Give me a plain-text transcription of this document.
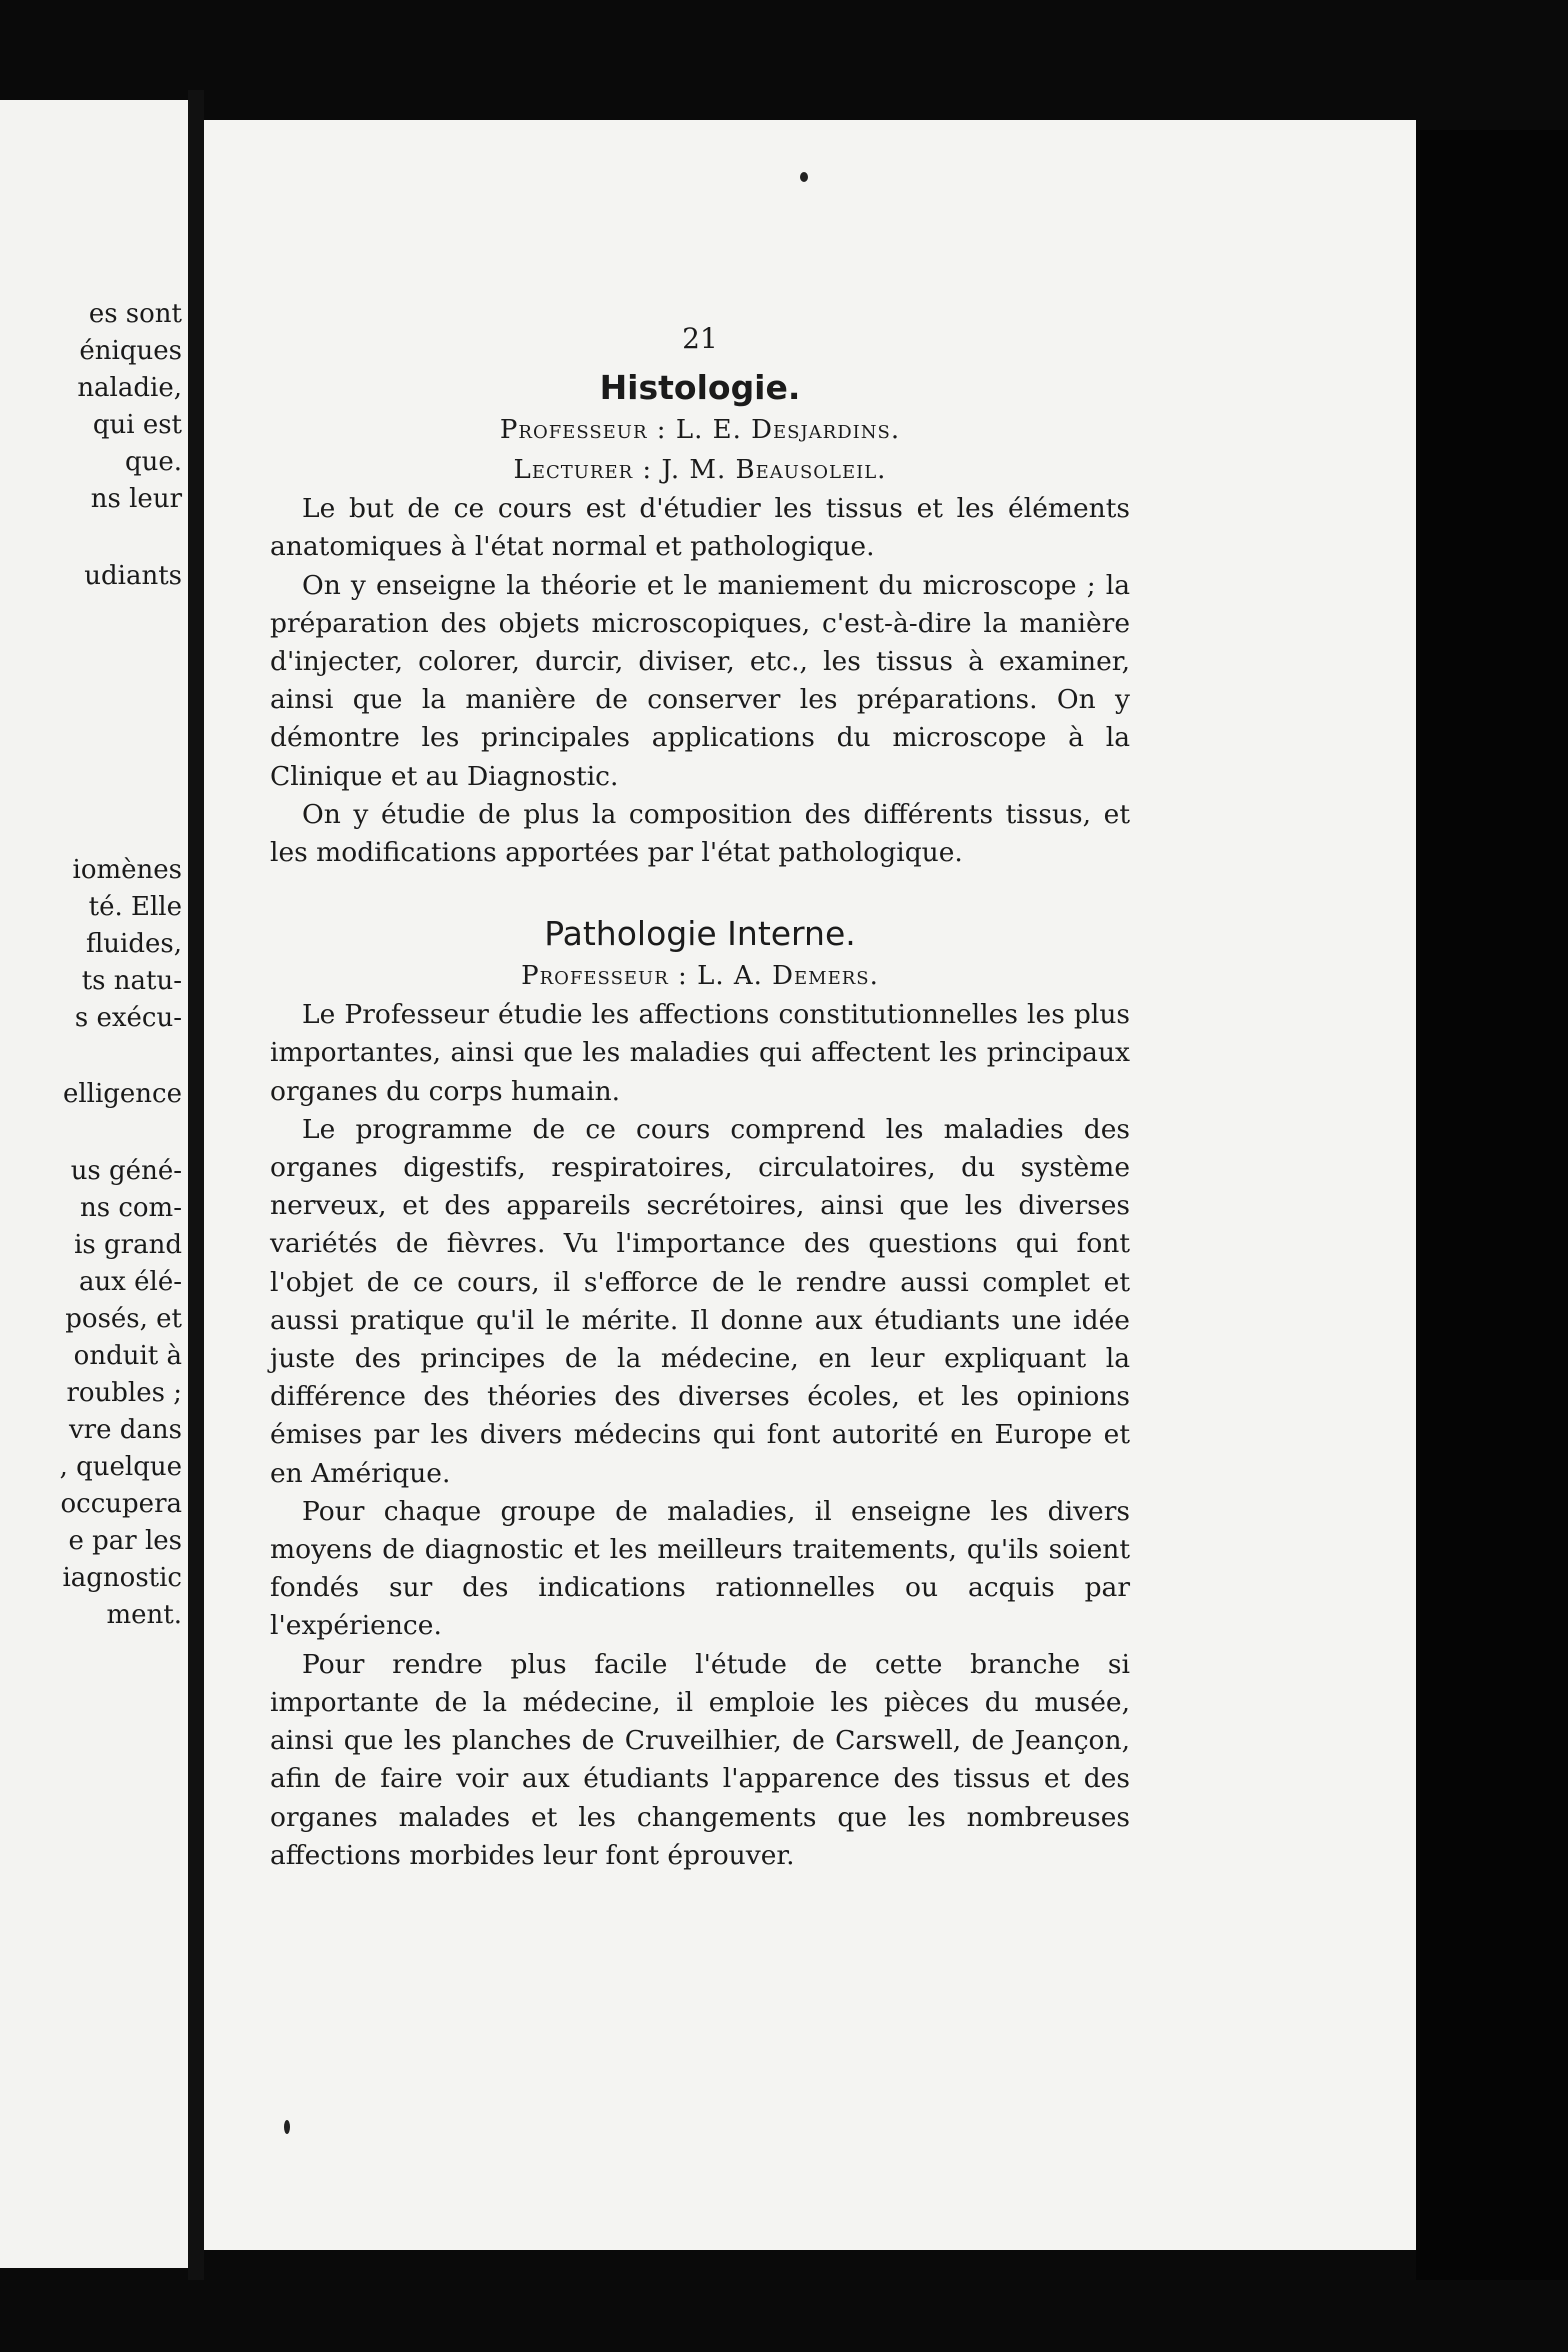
es sont
éniques
naladie,
qui est
que.
ns leur
udiants
iomènes
té. Elle
fluides,
ts natu-
s exécu-
elligence
us géné-
ns com-
is grand
aux élé-
posés, et
onduit à
roubles ;
vre dans
, quelque
occupera
e par les
iagnostic
ment.
21
Histologie.
Professeur : L. E. Desjardins.
Lecturer : J. M. Beausoleil.

Le but de ce cours est d'étudier les tissus et les éléments anatomiques à l'état normal et pathologique.

On y enseigne la théorie et le maniement du microscope ; la préparation des objets microscopiques, c'est-à-dire la manière d'injecter, colorer, durcir, diviser, etc., les tissus à examiner, ainsi que la manière de conserver les préparations. On y démontre les principales applications du microscope à la Clinique et au Diagnostic.

On y étudie de plus la composition des différents tissus, et les modifications apportées par l'état pathologique.

Pathologie Interne.
Professeur : L. A. Demers.

Le Professeur étudie les affections constitutionnelles les plus importantes, ainsi que les maladies qui affectent les principaux organes du corps humain.

Le programme de ce cours comprend les maladies des organes digestifs, respiratoires, circulatoires, du système nerveux, et des appareils secrétoires, ainsi que les diverses variétés de fièvres. Vu l'importance des questions qui font l'objet de ce cours, il s'efforce de le rendre aussi complet et aussi pratique qu'il le mérite. Il donne aux étudiants une idée juste des principes de la médecine, en leur expliquant la différence des théories des diverses écoles, et les opinions émises par les divers médecins qui font autorité en Europe et en Amérique.

Pour chaque groupe de maladies, il enseigne les divers moyens de diagnostic et les meilleurs traitements, qu'ils soient fondés sur des indications rationnelles ou acquis par l'expérience.

Pour rendre plus facile l'étude de cette branche si importante de la médecine, il emploie les pièces du musée, ainsi que les planches de Cruveilhier, de Carswell, de Jeançon, afin de faire voir aux étudiants l'apparence des tissus et des organes malades et les changements que les nombreuses affections morbides leur font éprouver.
